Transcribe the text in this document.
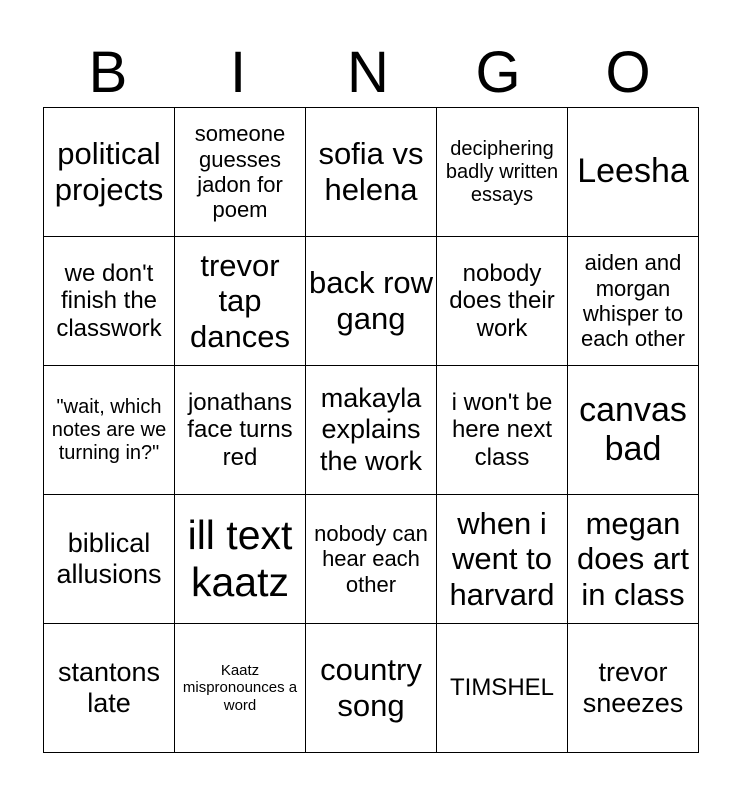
B	I	N	G	O
political projects	someone guesses jadon for poem	sofia vs helena	deciphering badly written essays	Leesha
we don't finish the classwork	trevor tap dances	back row gang	nobody does their work	aiden and morgan whisper to each other
"wait, which notes are we turning in?"	jonathans face turns red	makayla explains the work	i won't be here next class	canvas bad
biblical allusions	ill text kaatz	nobody can hear each other	when i went to harvard	megan does art in class
stantons late	Kaatz mispronounces a word	country song	TIMSHEL	trevor sneezes
